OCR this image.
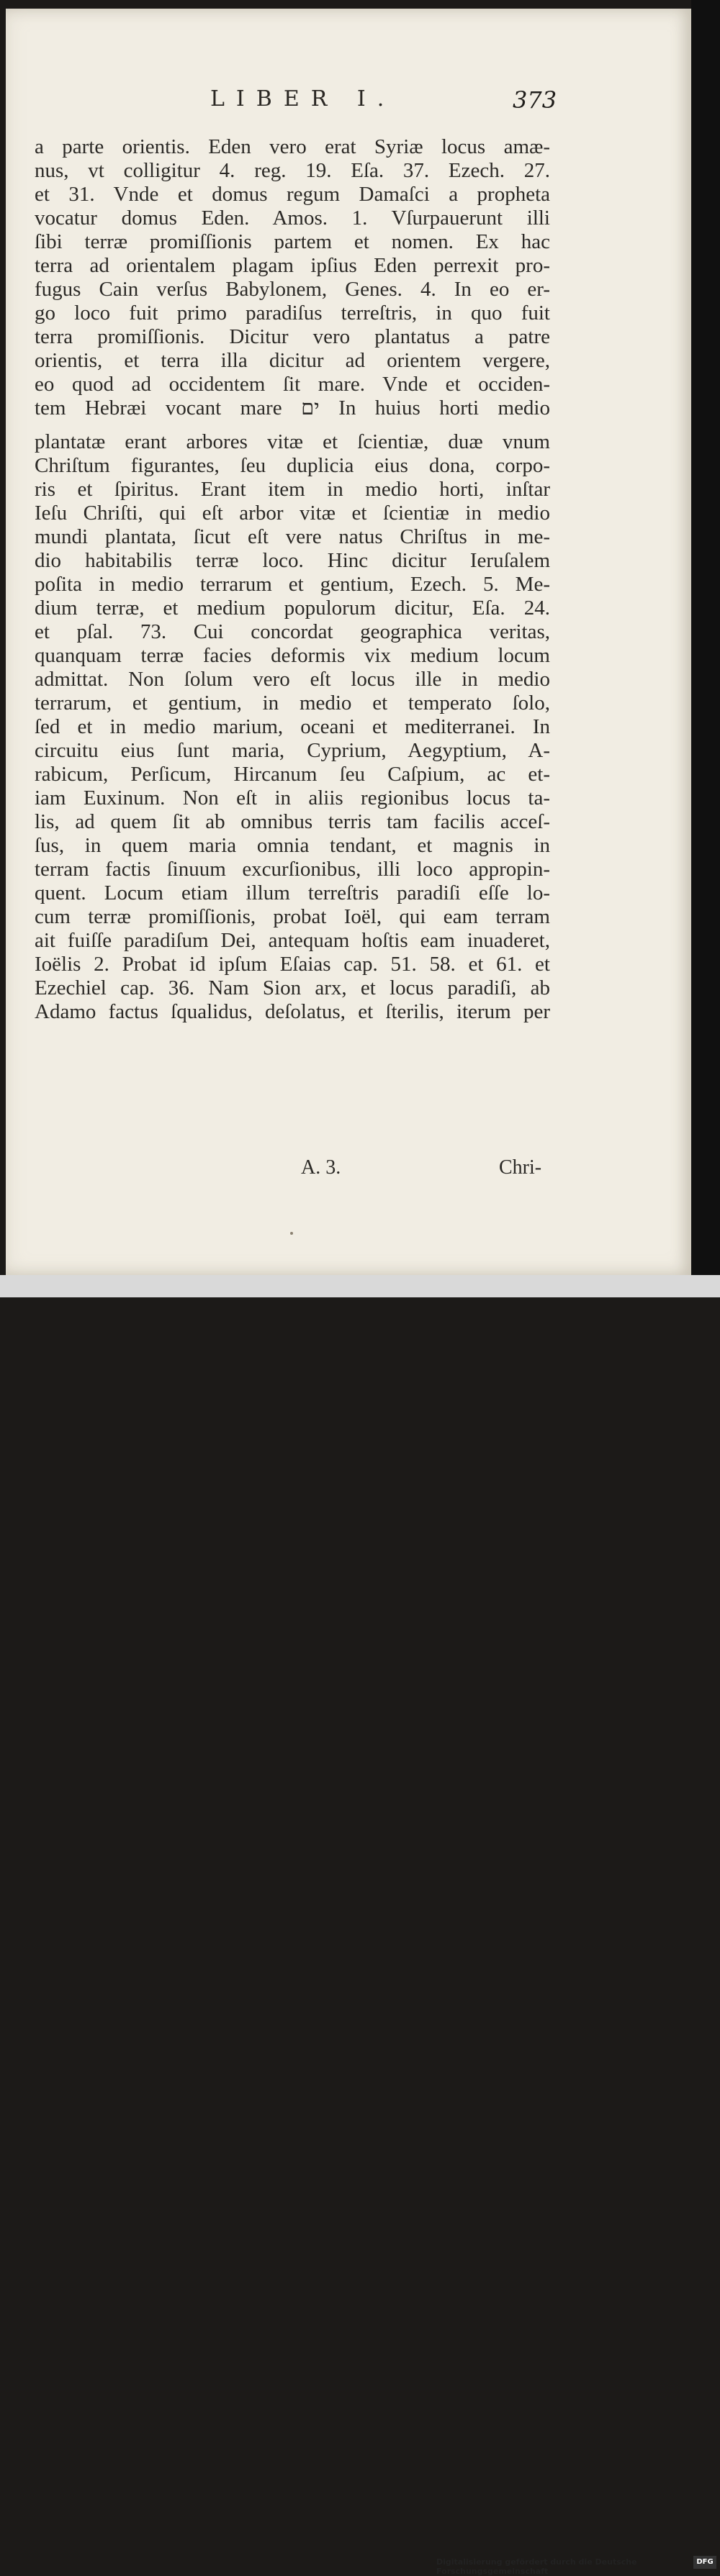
LIBER I.	373
a parte orientis. Eden vero erat Syriæ locus amæ-
nus, vt colligitur 4. reg. 19. Eſa. 37. Ezech. 27.
et 31. Vnde et domus regum Damaſci a propheta
vocatur domus Eden. Amos. 1. Vſurpauerunt illi
ſibi terræ promiſſionis partem et nomen. Ex hac
terra ad orientalem plagam ipſius Eden perrexit pro-
fugus Cain verſus Babylonem, Genes. 4. In eo er-
go loco fuit primo paradiſus terreſtris, in quo fuit
terra promiſſionis. Dicitur vero plantatus a patre
orientis, et terra illa dicitur ad orientem vergere,
eo quod ad occidentem ſit mare. Vnde et occiden-
tem Hebræi vocant mare ים In huius horti medio
plantatæ erant arbores vitæ et ſcientiæ, duæ vnum
Chriſtum figurantes, ſeu duplicia eius dona, corpo-
ris et ſpiritus. Erant item in medio horti, inſtar
Ieſu Chriſti, qui eſt arbor vitæ et ſcientiæ in medio
mundi plantata, ſicut eſt vere natus Chriſtus in me-
dio habitabilis terræ loco. Hinc dicitur Ieruſalem
poſita in medio terrarum et gentium, Ezech. 5. Me-
dium terræ, et medium populorum dicitur, Eſa. 24.
et pſal. 73. Cui concordat geographica veritas,
quanquam terræ facies deformis vix medium locum
admittat. Non ſolum vero eſt locus ille in medio
terrarum, et gentium, in medio et temperato ſolo,
ſed et in medio marium, oceani et mediterranei. In
circuitu eius ſunt maria, Cyprium, Aegyptium, A-
rabicum, Perſicum, Hircanum ſeu Caſpium, ac et-
iam Euxinum. Non eſt in aliis regionibus locus ta-
lis, ad quem ſit ab omnibus terris tam facilis acceſ-
ſus, in quem maria omnia tendant, et magnis in
terram factis ſinuum excurſionibus, illi loco appropin-
quent. Locum etiam illum terreſtris paradiſi eſſe lo-
cum terræ promiſſionis, probat Ioël, qui eam terram
ait fuiſſe paradiſum Dei, antequam hoſtis eam inuaderet,
Ioëlis 2. Probat id ipſum Eſaias cap. 51. 58. et 61. et
Ezechiel cap. 36. Nam Sion arx, et locus paradiſi, ab
Adamo factus ſqualidus, deſolatus, et ſterilis, iterum per
A. 3.	Chri-
Digitalisierung gefördert durch die Deutsche Forschungsgemeinschaft
DFG
